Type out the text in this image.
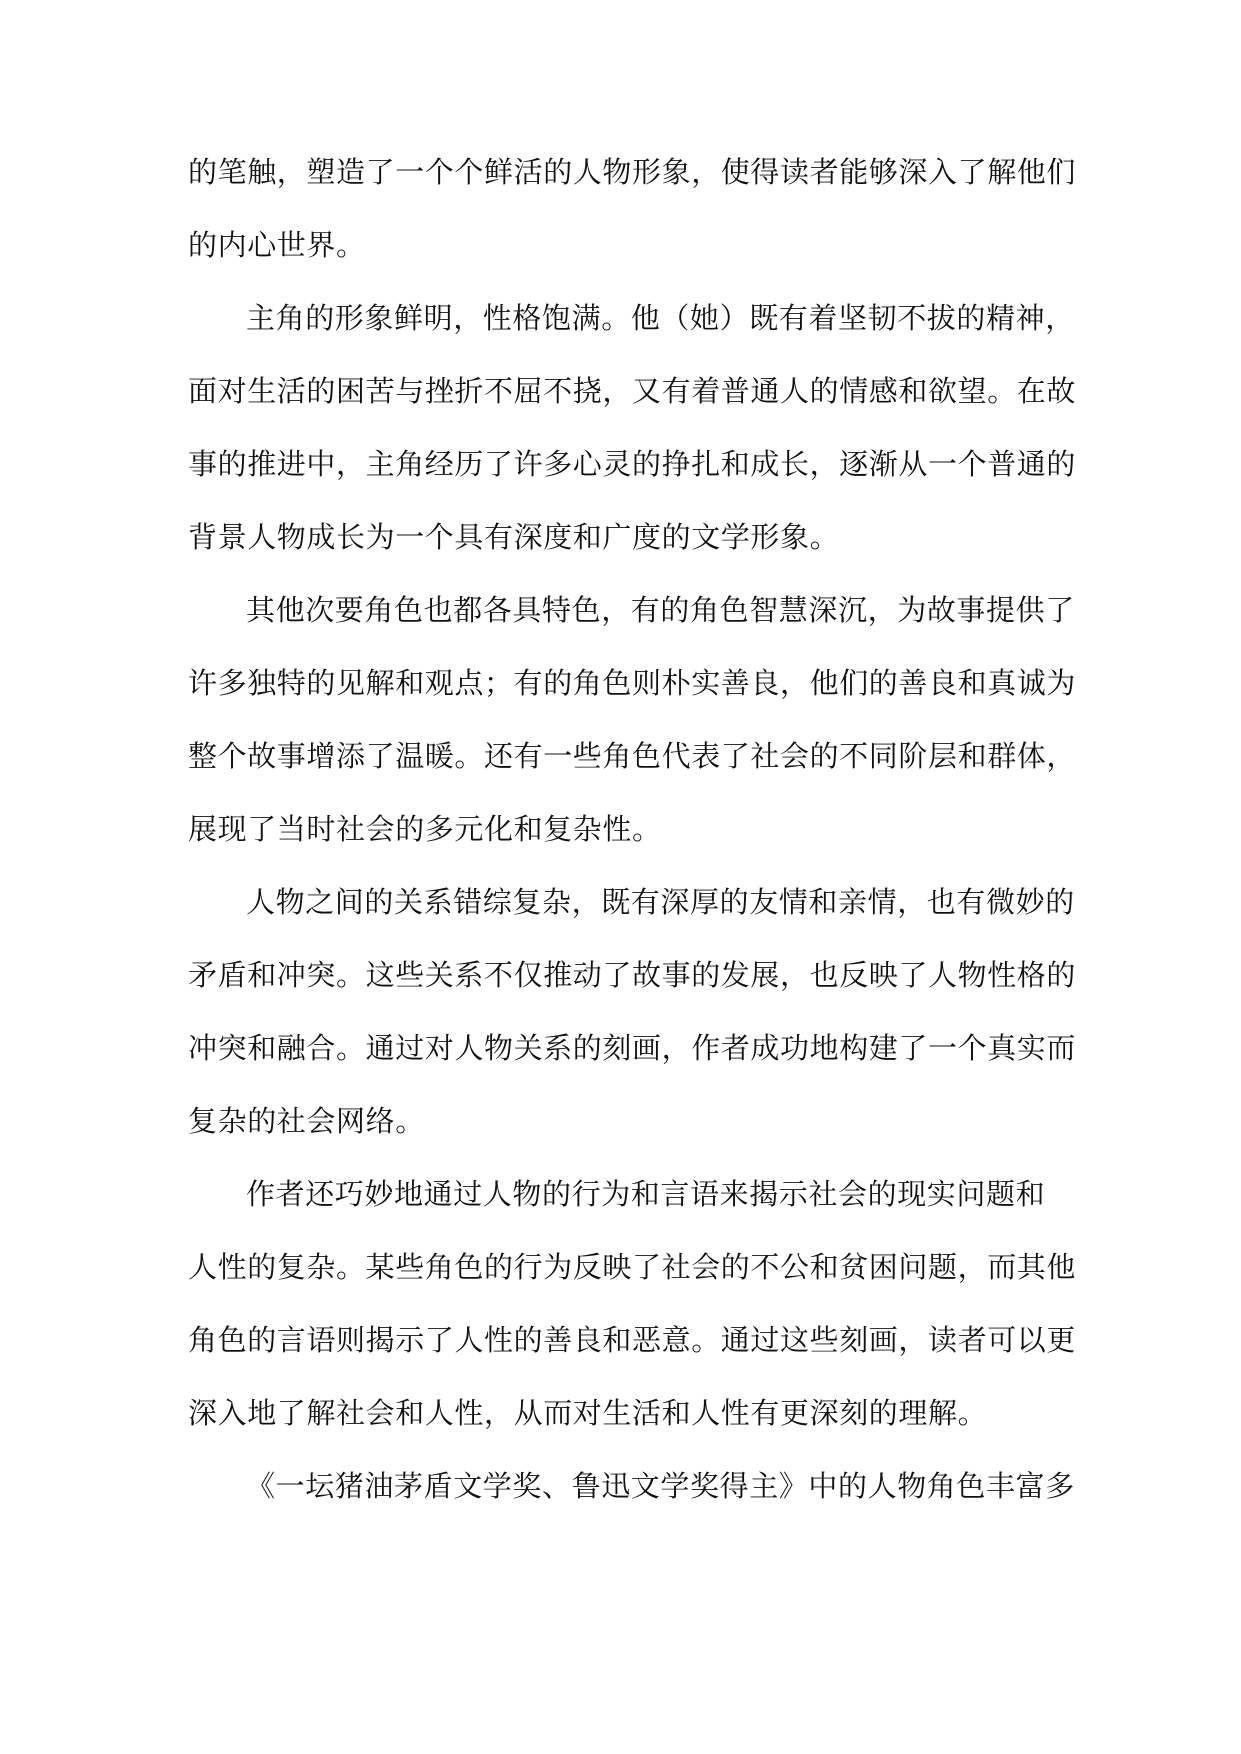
的笔触，塑造了一个个鲜活的人物形象，使得读者能够深入了解他们

的内心世界。

主角的形象鲜明，性格饱满。他（她）既有着坚韧不拔的精神，

面对生活的困苦与挫折不屈不挠，又有着普通人的情感和欲望。在故

事的推进中，主角经历了许多心灵的挣扎和成长，逐渐从一个普通的

背景人物成长为一个具有深度和广度的文学形象。

其他次要角色也都各具特色，有的角色智慧深沉，为故事提供了

许多独特的见解和观点；有的角色则朴实善良，他们的善良和真诚为

整个故事增添了温暖。还有一些角色代表了社会的不同阶层和群体，

展现了当时社会的多元化和复杂性。

人物之间的关系错综复杂，既有深厚的友情和亲情，也有微妙的

矛盾和冲突。这些关系不仅推动了故事的发展，也反映了人物性格的

冲突和融合。通过对人物关系的刻画，作者成功地构建了一个真实而

复杂的社会网络。

作者还巧妙地通过人物的行为和言语来揭示社会的现实问题和

人性的复杂。某些角色的行为反映了社会的不公和贫困问题，而其他

角色的言语则揭示了人性的善良和恶意。通过这些刻画，读者可以更

深入地了解社会和人性，从而对生活和人性有更深刻的理解。

《一坛猪油茅盾文学奖、鲁迅文学奖得主》中的人物角色丰富多
